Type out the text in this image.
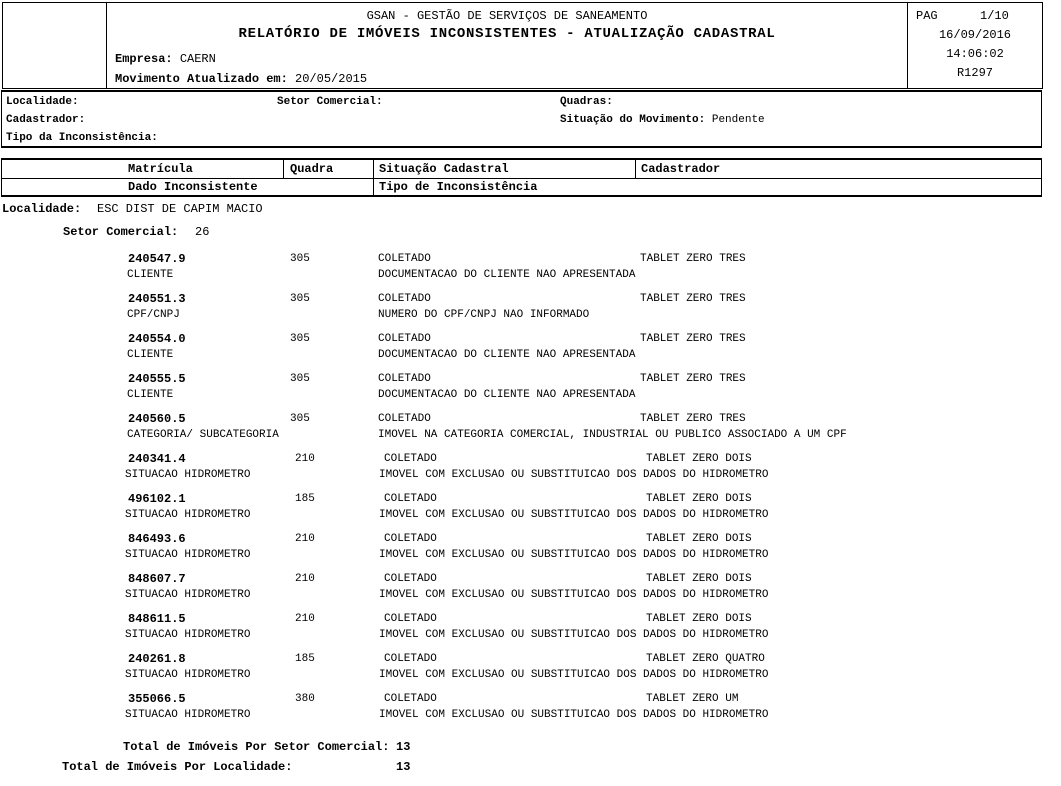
GSAN - GESTÃO DE SERVIÇOS DE SANEAMENTO
RELATÓRIO DE IMÓVEIS INCONSISTENTES - ATUALIZAÇÃO CADASTRAL
Empresa: CAERN
Movimento Atualizado em: 20/05/2015
PAG	1/10
16/09/2016
14:06:02
R1297
Localidade:	Setor Comercial:	Quadras:
Cadastrador:	Situação do Movimento: Pendente
Tipo da Inconsistência:
Matrícula	Quadra	Situação Cadastral	Cadastrador
Dado Inconsistente	Tipo de Inconsistência
Localidade: ESC DIST DE CAPIM MACIO
Setor Comercial: 26
240547.9	305	COLETADO	TABLET ZERO TRES
CLIENTE	DOCUMENTACAO DO CLIENTE NAO APRESENTADA
240551.3	305	COLETADO	TABLET ZERO TRES
CPF/CNPJ	NUMERO DO CPF/CNPJ NAO INFORMADO
240554.0	305	COLETADO	TABLET ZERO TRES
CLIENTE	DOCUMENTACAO DO CLIENTE NAO APRESENTADA
240555.5	305	COLETADO	TABLET ZERO TRES
CLIENTE	DOCUMENTACAO DO CLIENTE NAO APRESENTADA
240560.5	305	COLETADO	TABLET ZERO TRES
CATEGORIA/ SUBCATEGORIA	IMOVEL NA CATEGORIA COMERCIAL, INDUSTRIAL OU PUBLICO ASSOCIADO A UM CPF
240341.4	210	COLETADO	TABLET ZERO DOIS
SITUACAO HIDROMETRO	IMOVEL COM EXCLUSAO OU SUBSTITUICAO DOS DADOS DO HIDROMETRO
496102.1	185	COLETADO	TABLET ZERO DOIS
SITUACAO HIDROMETRO	IMOVEL COM EXCLUSAO OU SUBSTITUICAO DOS DADOS DO HIDROMETRO
846493.6	210	COLETADO	TABLET ZERO DOIS
SITUACAO HIDROMETRO	IMOVEL COM EXCLUSAO OU SUBSTITUICAO DOS DADOS DO HIDROMETRO
848607.7	210	COLETADO	TABLET ZERO DOIS
SITUACAO HIDROMETRO	IMOVEL COM EXCLUSAO OU SUBSTITUICAO DOS DADOS DO HIDROMETRO
848611.5	210	COLETADO	TABLET ZERO DOIS
SITUACAO HIDROMETRO	IMOVEL COM EXCLUSAO OU SUBSTITUICAO DOS DADOS DO HIDROMETRO
240261.8	185	COLETADO	TABLET ZERO QUATRO
SITUACAO HIDROMETRO	IMOVEL COM EXCLUSAO OU SUBSTITUICAO DOS DADOS DO HIDROMETRO
355066.5	380	COLETADO	TABLET ZERO UM
SITUACAO HIDROMETRO	IMOVEL COM EXCLUSAO OU SUBSTITUICAO DOS DADOS DO HIDROMETRO
Total de Imóveis Por Setor Comercial: 13
Total de Imóveis Por Localidade:	13
